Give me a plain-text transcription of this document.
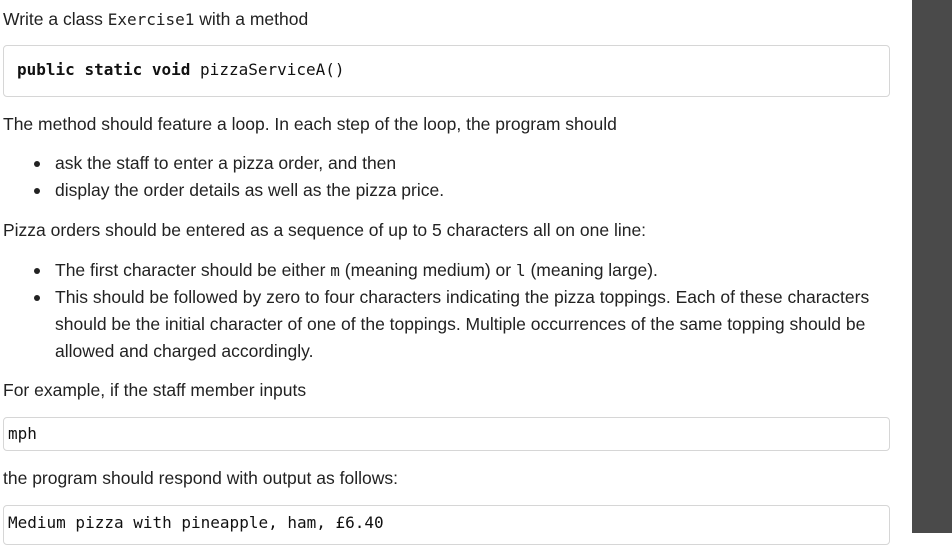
Write a class Exercise1 with a method

public static void pizzaServiceA()

The method should feature a loop. In each step of the loop, the program should

ask the staff to enter a pizza order, and then
display the order details as well as the pizza price.

Pizza orders should be entered as a sequence of up to 5 characters all on one line:

The first character should be either m (meaning medium) or l (meaning large).
This should be followed by zero to four characters indicating the pizza toppings. Each of these characters should be the initial character of one of the toppings. Multiple occurrences of the same topping should be allowed and charged accordingly.

For example, if the staff member inputs

mph

the program should respond with output as follows:

Medium pizza with pineapple, ham, £6.40
